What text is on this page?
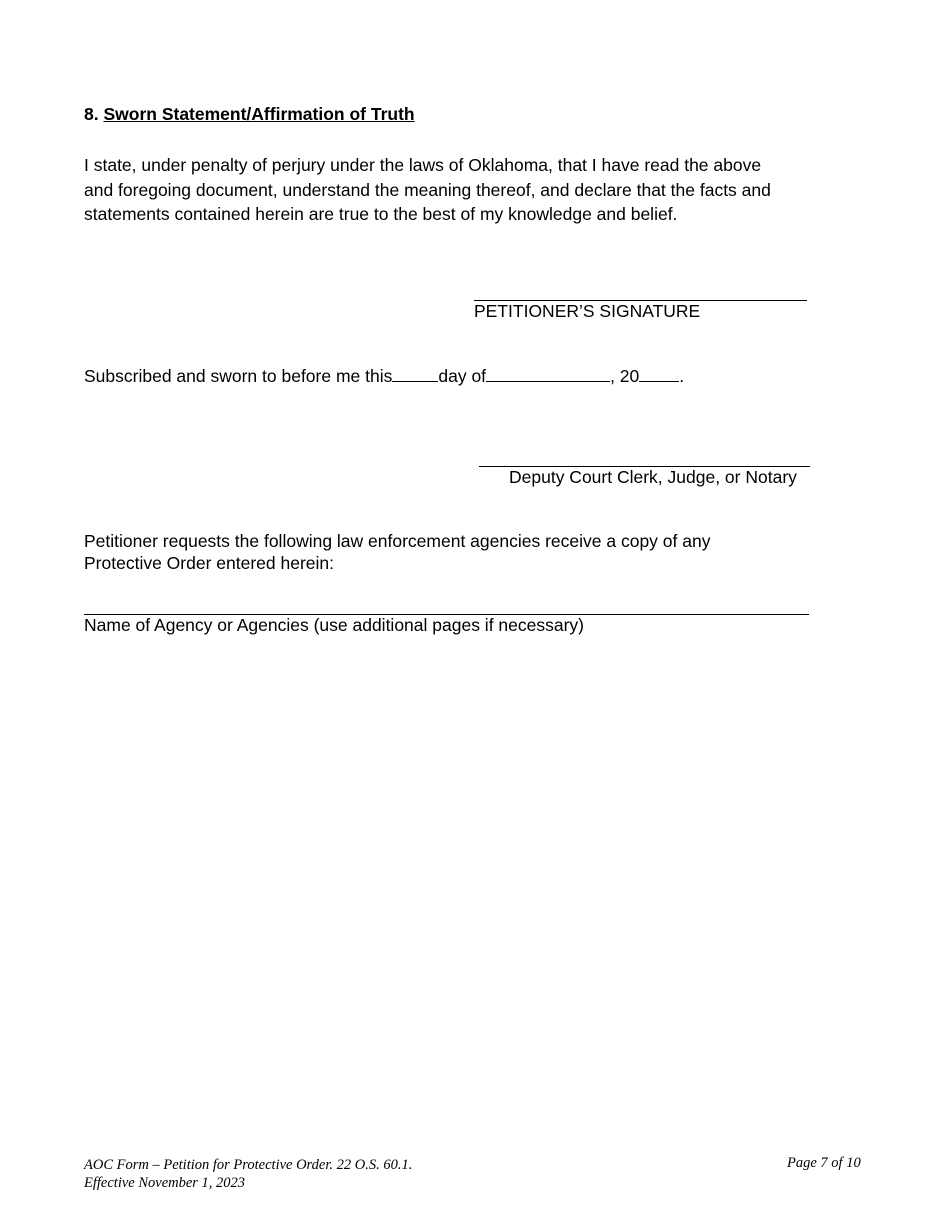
8. Sworn Statement/Affirmation of Truth
I state, under penalty of perjury under the laws of Oklahoma, that I have read the above
and foregoing document, understand the meaning thereof, and declare that the facts and
statements contained herein are true to the best of my knowledge and belief.
PETITIONER’S SIGNATURE
Subscribed and sworn to before me this	day of	, 20 .
Deputy Court Clerk, Judge, or Notary
Petitioner requests the following law enforcement agencies receive a copy of any
Protective Order entered herein:
Name of Agency or Agencies (use additional pages if necessary)
AOC Form – Petition for Protective Order. 22 O.S. 60.1.
Effective November 1, 2023
Page 7 of 10
